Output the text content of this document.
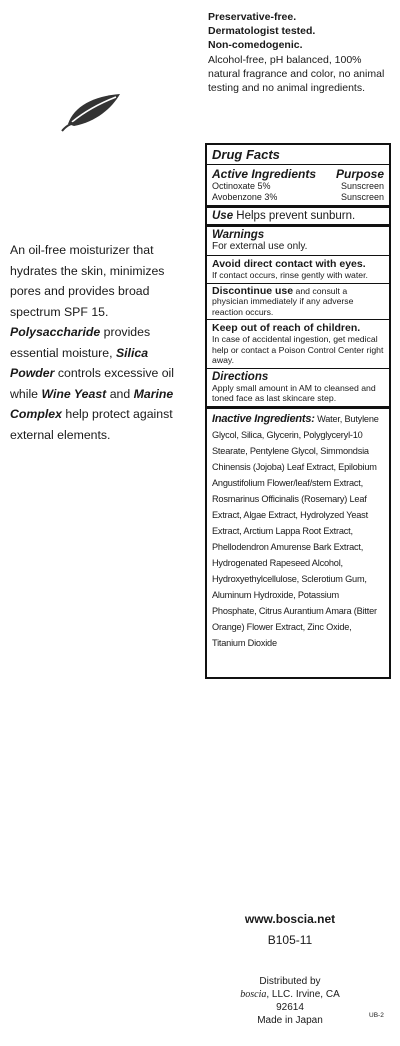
Preservative-free.
Dermatologist tested.
Non-comedogenic.
Alcohol-free, pH balanced, 100% natural fragrance and color, no animal testing and no animal ingredients.
An oil-free moisturizer that hydrates the skin, minimizes pores and provides broad spectrum SPF 15. Polysaccharide provides essential moisture, Silica Powder controls excessive oil while Wine Yeast and Marine Complex help protect against external elements.
Drug Facts
Active Ingredients Purpose
Octinoxate 5%	Sunscreen
Avobenzone 3%	Sunscreen
Use Helps prevent sunburn.
Warnings
For external use only.
Avoid direct contact with eyes.
If contact occurs, rinse gently with water.
Discontinue use and consult a physician immediately if any adverse reaction occurs.
Keep out of reach of children.
In case of accidental ingestion, get medical help or contact a Poison Control Center right away.
Directions
Apply small amount in AM to cleansed and toned face as last skincare step.
Inactive Ingredients: Water, Butylene Glycol, Silica, Glycerin, Polyglyceryl-10 Stearate, Pentylene Glycol, Simmondsia Chinensis (Jojoba) Leaf Extract, Epilobium Angustifolium Flower/leaf/stem Extract, Rosmarinus Officinalis (Rosemary) Leaf Extract, Algae Extract, Hydrolyzed Yeast Extract, Arctium Lappa Root Extract, Phellodendron Amurense Bark Extract, Hydrogenated Rapeseed Alcohol, Hydroxyethylcellulose, Sclerotium Gum, Aluminum Hydroxide, Potassium Phosphate, Citrus Aurantium Amara (Bitter Orange) Flower Extract, Zinc Oxide, Titanium Dioxide
www.boscia.net
B105-11
Distributed by
boscia, LLC. Irvine, CA 92614
Made in Japan	UB-2
